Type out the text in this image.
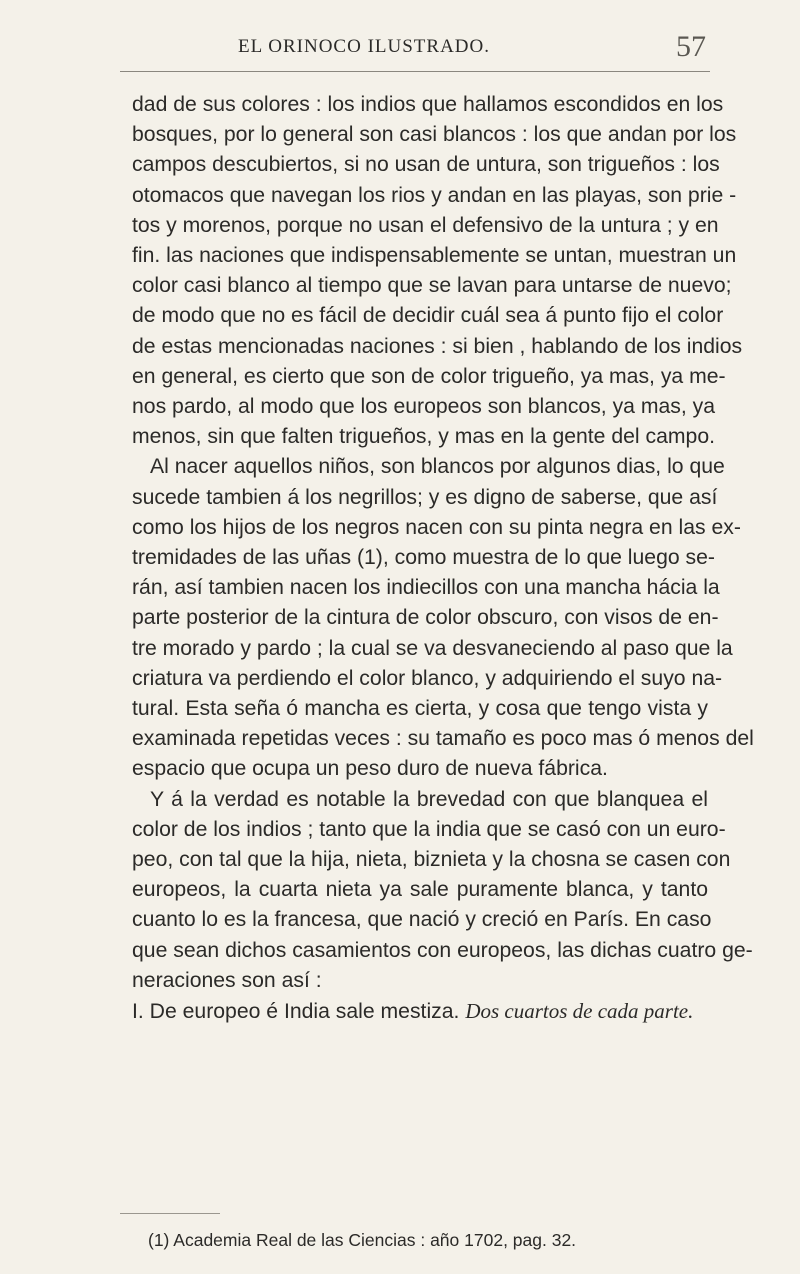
EL ORINOCO ILUSTRADO.	57
dad de sus colores : los indios que hallamos escondidos en los
bosques, por lo general son casi blancos : los que andan por los
campos descubiertos, si no usan de untura, son trigueños : los
otomacos que navegan los rios y andan en las playas, son prie -
tos y morenos, porque no usan el defensivo de la untura ; y en
fin. las naciones que indispensablemente se untan, muestran un
color casi blanco al tiempo que se lavan para untarse de nuevo;
de modo que no es fácil de decidir cuál sea á punto fijo el color
de estas mencionadas naciones : si bien , hablando de los indios
en general, es cierto que son de color trigueño, ya mas, ya me-
nos pardo, al modo que los europeos son blancos, ya mas, ya
menos, sin que falten trigueños, y mas en la gente del campo.
Al nacer aquellos niños, son blancos por algunos dias, lo que
sucede tambien á los negrillos; y es digno de saberse, que así
como los hijos de los negros nacen con su pinta negra en las ex-
tremidades de las uñas (1), como muestra de lo que luego se-
rán, así tambien nacen los indiecillos con una mancha hácia la
parte posterior de la cintura de color obscuro, con visos de en-
tre morado y pardo ; la cual se va desvaneciendo al paso que la
criatura va perdiendo el color blanco, y adquiriendo el suyo na-
tural. Esta seña ó mancha es cierta, y cosa que tengo vista y
examinada repetidas veces : su tamaño es poco mas ó menos del
espacio que ocupa un peso duro de nueva fábrica.
Y á la verdad es notable la brevedad con que blanquea el
color de los indios ; tanto que la india que se casó con un euro-
peo, con tal que la hija, nieta, biznieta y la chosna se casen con
europeos, la cuarta nieta ya sale puramente blanca, y tanto
cuanto lo es la francesa, que nació y creció en París. En caso
que sean dichos casamientos con europeos, las dichas cuatro ge-
neraciones son así :
I. De europeo é India sale mestiza. Dos cuartos de cada parte.
(1) Academia Real de las Ciencias : año 1702, pag. 32.
